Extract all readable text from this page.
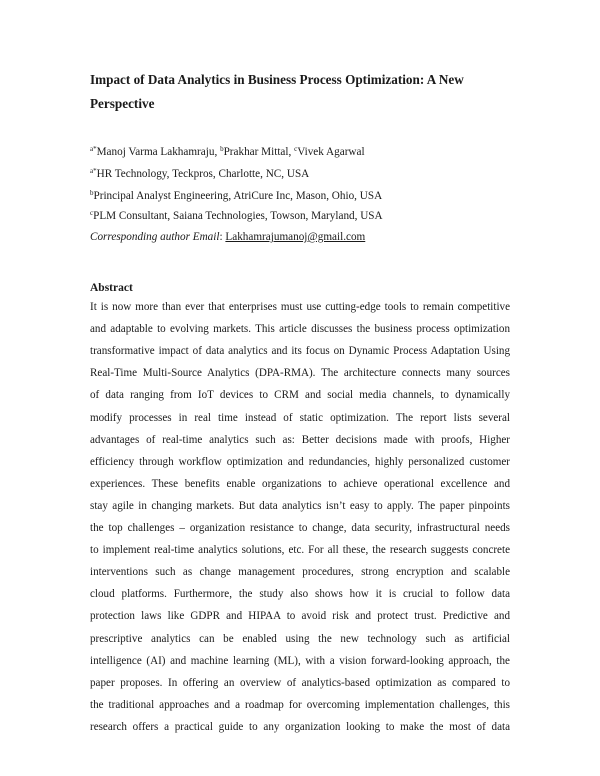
Impact of Data Analytics in Business Process Optimization: A New Perspective
$^{a*}$Manoj Varma Lakhamraju, $^b$Prakhar Mittal, $^c$Vivek Agarwal
$^{a*}$HR Technology, Teckpros, Charlotte, NC, USA
$^b$Principal Analyst Engineering, AtriCure Inc, Mason, Ohio, USA
$^c$PLM Consultant, Saiana Technologies, Towson, Maryland, USA
Corresponding author Email: Lakhamrajumanoj@gmail.com
Abstract
It is now more than ever that enterprises must use cutting-edge tools to remain competitive
and adaptable to evolving markets. This article discusses the business process optimization
transformative impact of data analytics and its focus on Dynamic Process Adaptation Using
Real-Time Multi-Source Analytics (DPA-RMA). The architecture connects many sources
of data ranging from IoT devices to CRM and social media channels, to dynamically
modify processes in real time instead of static optimization. The report lists several
advantages of real-time analytics such as: Better decisions made with proofs, Higher
efficiency through workflow optimization and redundancies, highly personalized customer
experiences. These benefits enable organizations to achieve operational excellence and
stay agile in changing markets. But data analytics isn’t easy to apply. The paper pinpoints
the top challenges – organization resistance to change, data security, infrastructural needs
to implement real-time analytics solutions, etc. For all these, the research suggests concrete
interventions such as change management procedures, strong encryption and scalable
cloud platforms. Furthermore, the study also shows how it is crucial to follow data
protection laws like GDPR and HIPAA to avoid risk and protect trust. Predictive and
prescriptive analytics can be enabled using the new technology such as artificial
intelligence (AI) and machine learning (ML), with a vision forward-looking approach, the
paper proposes. In offering an overview of analytics-based optimization as compared to
the traditional approaches and a roadmap for overcoming implementation challenges, this
research offers a practical guide to any organization looking to make the most of data
